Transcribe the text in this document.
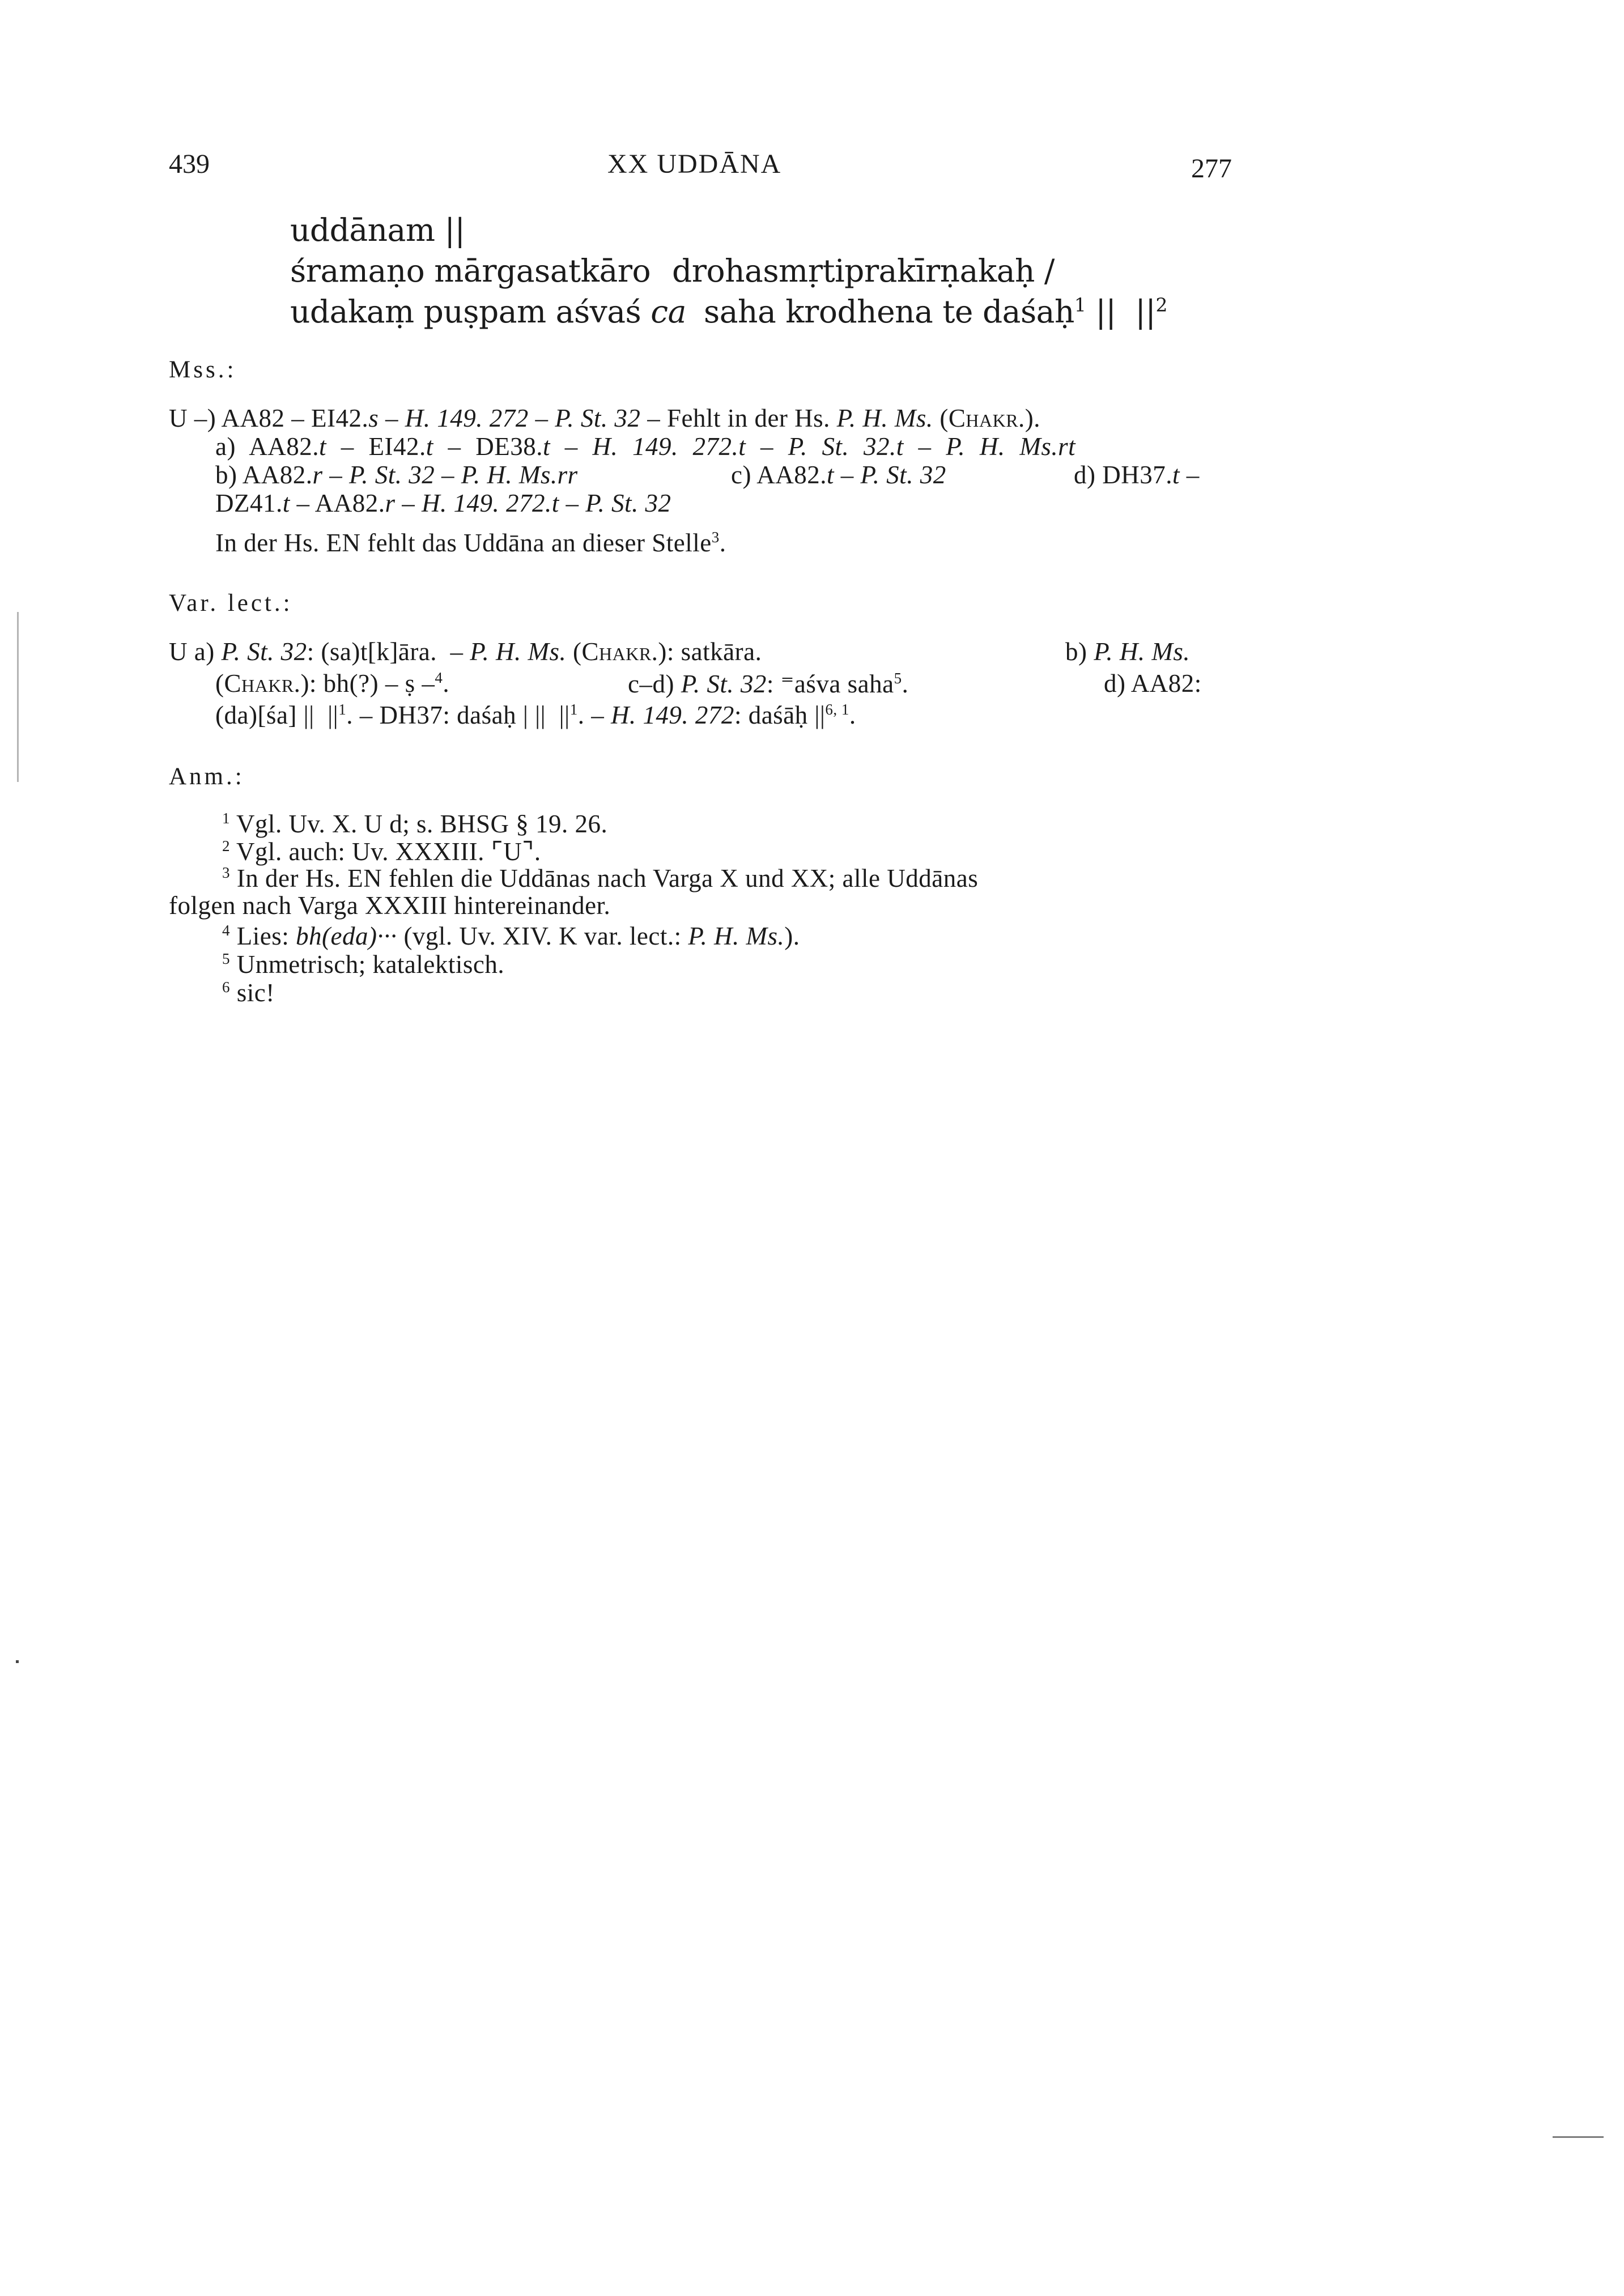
439	XX UDDĀNA	277
uddānam ||
śramaṇo mārgasatkāro drohasmṛtiprakīrṇakaḥ /
udakaṃ puṣpam aśvaś ca saha krodhena te daśaḥ$^1$ ||  $||^2$
Mss.:
U –) AA82 – EI42.s – H. 149. 272 – P. St. 32 – Fehlt in der Hs. P. H. Ms. (Chakr.).
a) AA82.t – EI42.t – DE38.t – H. 149. 272.t – P. St. 32.t – P. H. Ms.rt
b) AA82.r – P. St. 32 – P. H. Ms.rr	c) AA82.t – P. St. 32	d) DH37.t –
DZ41.t – AA82.r – H. 149. 272.t – P. St. 32
In der Hs. EN fehlt das Uddāna an dieser Stelle$^3$.
Var. lect.:
U a) P. St. 32: (sa)t[k]āra.  – P. H. Ms. (Chakr.): satkāra.	b) P. H. Ms.
(Chakr.): bh(?) – ṣ –$^4$.	c–d) P. St. 32: ⁼aśva saha$^5$.	d) AA82:
(da)[śa] ||  $||^1$. – DH37: daśaḥ | ||  $||^1$. – H. 149. 272: daśāḥ $||^{6, 1}$.
Anm.:
$^1$ Vgl. Uv. X. U d; s. BHSG § 19. 26.
$^2$ Vgl. auch: Uv. XXXIII. ⌜U⌝.
$^3$ In der Hs. EN fehlen die Uddānas nach Varga X und XX; alle Uddānas
folgen nach Varga XXXIII hintereinander.
$^4$ Lies: bh(eda)··· (vgl. Uv. XIV. K var. lect.: P. H. Ms.).
$^5$ Unmetrisch; katalektisch.
$^6$ sic!
